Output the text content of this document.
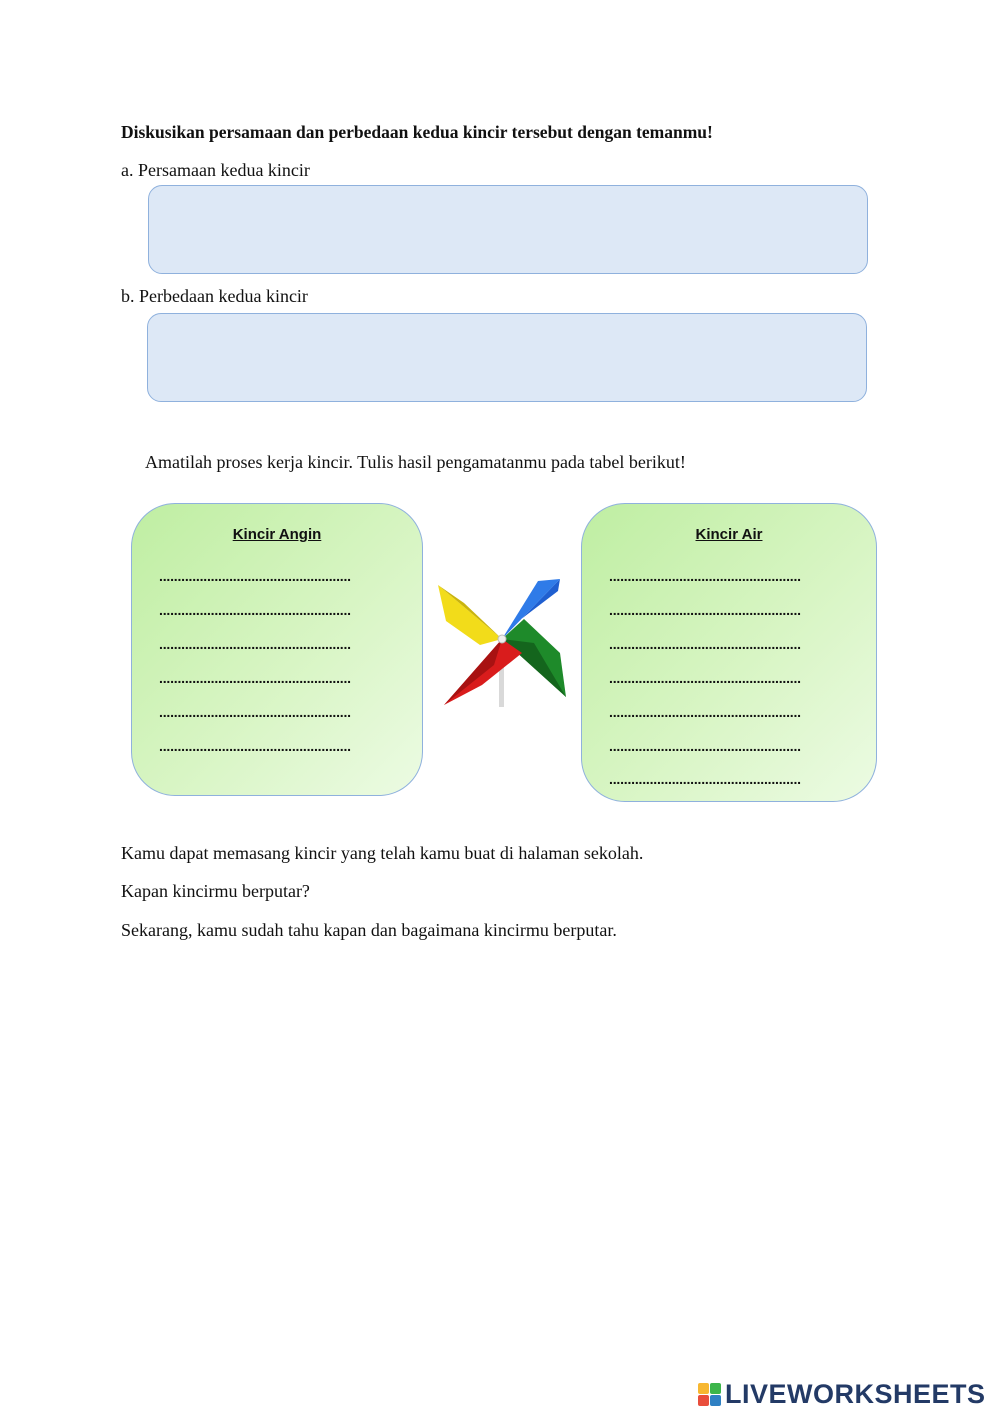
Diskusikan persamaan dan perbedaan kedua kincir tersebut dengan temanmu!
a. Persamaan kedua kincir
b. Perbedaan kedua kincir
Amatilah proses kerja kincir. Tulis hasil pengamatanmu pada tabel berikut!
Kincir Angin
....................................................
....................................................
....................................................
....................................................
....................................................
....................................................
Kincir Air
....................................................
....................................................
....................................................
....................................................
....................................................
....................................................
....................................................
Kamu dapat memasang kincir yang telah kamu buat di halaman sekolah.
Kapan kincirmu berputar?
Sekarang, kamu sudah tahu kapan dan bagaimana kincirmu berputar.
LIVEWORKSHEETS
